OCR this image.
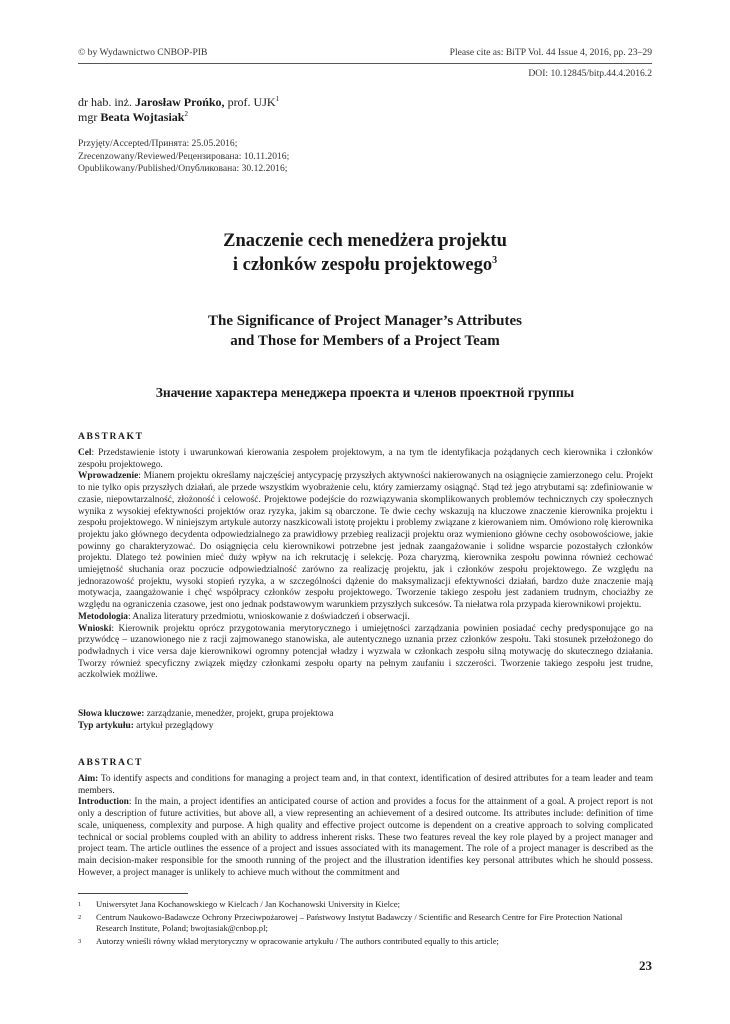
© by Wydawnictwo CNBOP-PIB	Please cite as: BiTP Vol. 44 Issue 4, 2016, pp. 23–29
DOI: 10.12845/bitp.44.4.2016.2
dr hab. inż. Jarosław Prońko, prof. UJK$^1$
mgr Beata Wojtasiak$^2$
Przyjęty/Accepted/Принята: 25.05.2016;
Zrecenzowany/Reviewed/Рецензирована: 10.11.2016;
Opublikowany/Published/Опубликована: 30.12.2016;
Znaczenie cech menedżera projektu
i członków zespołu projektowego$^3$
The Significance of Project Manager’s Attributes
and Those for Members of a Project Team
Значение характера менеджера проекта и членов проектной группы
ABSTRAKT

Cel: Przedstawienie istoty i uwarunkowań kierowania zespołem projektowym, a na tym tle identyfikacja pożądanych cech kierownika i członków zespołu projektowego.

Wprowadzenie: Mianem projektu określamy najczęściej antycypację przyszłych aktywności nakierowanych na osiągnięcie zamierzonego celu. Projekt to nie tylko opis przyszłych działań, ale przede wszystkim wyobrażenie celu, który zamierzamy osiągnąć. Stąd też jego atrybutami są: zdefiniowanie w czasie, niepowtarzalność, złożoność i celowość. Projektowe podejście do rozwiązywania skomplikowanych problemów technicznych czy społecznych wynika z wysokiej efektywności projektów oraz ryzyka, jakim są obarczone. Te dwie cechy wskazują na kluczowe znaczenie kierownika projektu i zespołu projektowego. W niniejszym artykule autorzy naszkicowali istotę projektu i problemy związane z kierowaniem nim. Omówiono rolę kierownika projektu jako głównego decydenta odpowiedzialnego za prawidłowy przebieg realizacji projektu oraz wymieniono główne cechy osobowościowe, jakie powinny go charakteryzować. Do osiągnięcia celu kierownikowi potrzebne jest jednak zaangażowanie i solidne wsparcie pozostałych członków projektu. Dlatego też powinien mieć duży wpływ na ich rekrutację i selekcję. Poza charyzmą, kierownika zespołu powinna również cechować umiejętność słuchania oraz poczucie odpowiedzialność zarówno za realizację projektu, jak i członków zespołu projektowego. Ze względu na jednorazowość projektu, wysoki stopień ryzyka, a w szczególności dążenie do maksymalizacji efektywności działań, bardzo duże znaczenie mają motywacja, zaangażowanie i chęć współpracy członków zespołu projektowego. Tworzenie takiego zespołu jest zadaniem trudnym, chociażby ze względu na ograniczenia czasowe, jest ono jednak podstawowym warunkiem przyszłych sukcesów. Ta niełatwa rola przypada kierownikowi projektu.

Metodologia: Analiza literatury przedmiotu, wnioskowanie z doświadczeń i obserwacji.

Wnioski: Kierownik projektu oprócz przygotowania merytorycznego i umiejętności zarządzania powinien posiadać cechy predysponujące go na przywódcę – uzanowionego nie z racji zajmowanego stanowiska, ale autentycznego uznania przez członków zespołu. Taki stosunek przełożonego do podwładnych i vice versa daje kierownikowi ogromny potencjał władzy i wyzwala w członkach zespołu silną motywację do skutecznego działania. Tworzy również specyficzny związek między członkami zespołu oparty na pełnym zaufaniu i szczerości. Tworzenie takiego zespołu jest trudne, aczkolwiek możliwe.

Słowa kluczowe: zarządzanie, menedżer, projekt, grupa projektowa

Typ artykułu: artykuł przeglądowy

ABSTRACT

Aim: To identify aspects and conditions for managing a project team and, in that context, identification of desired attributes for a team leader and team members.

Introduction: In the main, a project identifies an anticipated course of action and provides a focus for the attainment of a goal. A project report is not only a description of future activities, but above all, a view representing an achievement of a desired outcome. Its attributes include: definition of time scale, uniqueness, complexity and purpose. A high quality and effective project outcome is dependent on a creative approach to solving complicated technical or social problems coupled with an ability to address inherent risks. These two features reveal the key role played by a project manager and project team. The article outlines the essence of a project and issues associated with its management. The role of a project manager is described as the main decision-maker responsible for the smooth running of the project and the illustration identifies key personal attributes which he should possess. However, a project manager is unlikely to achieve much without the commitment and

1 Uniwersytet Jana Kochanowskiego w Kielcach / Jan Kochanowski University in Kielce;
2 Centrum Naukowo-Badawcze Ochrony Przeciwpożarowej – Państwowy Instytut Badawczy / Scientific and Research Centre for Fire Protection National Research Institute, Poland; bwojtasiak@cnbop.pl;
3 Autorzy wnieśli równy wkład merytoryczny w opracowanie artykułu / The authors contributed equally to this article;
23
